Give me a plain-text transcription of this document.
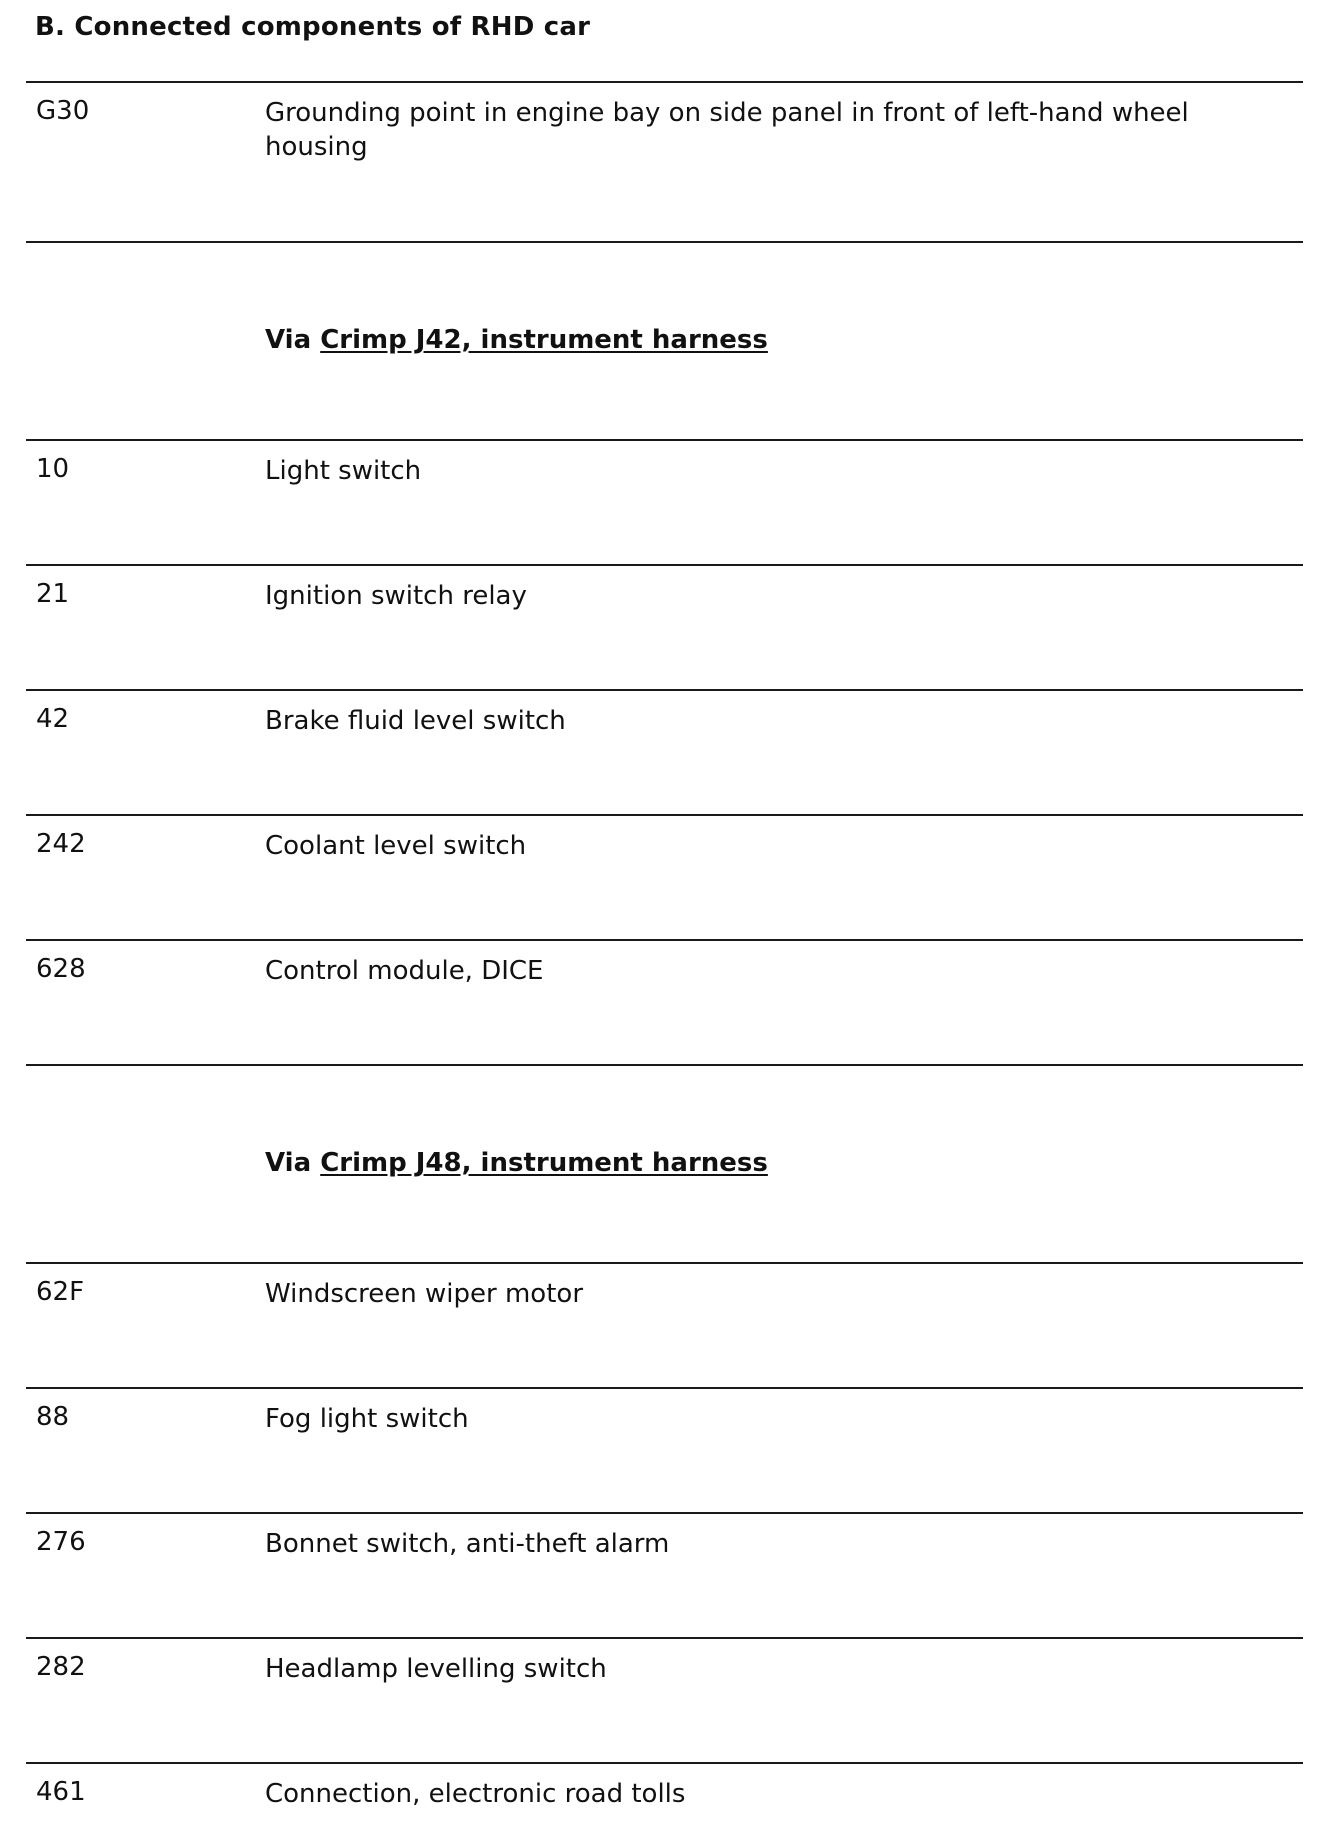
B. Connected components of RHD car
G30	Grounding point in engine bay on side panel in front of left-hand wheel housing
Via Crimp J42, instrument harness
10	Light switch
21	Ignition switch relay
42	Brake fluid level switch
242	Coolant level switch
628	Control module, DICE
Via Crimp J48, instrument harness
62F	Windscreen wiper motor
88	Fog light switch
276	Bonnet switch, anti-theft alarm
282	Headlamp levelling switch
461	Connection, electronic road tolls
